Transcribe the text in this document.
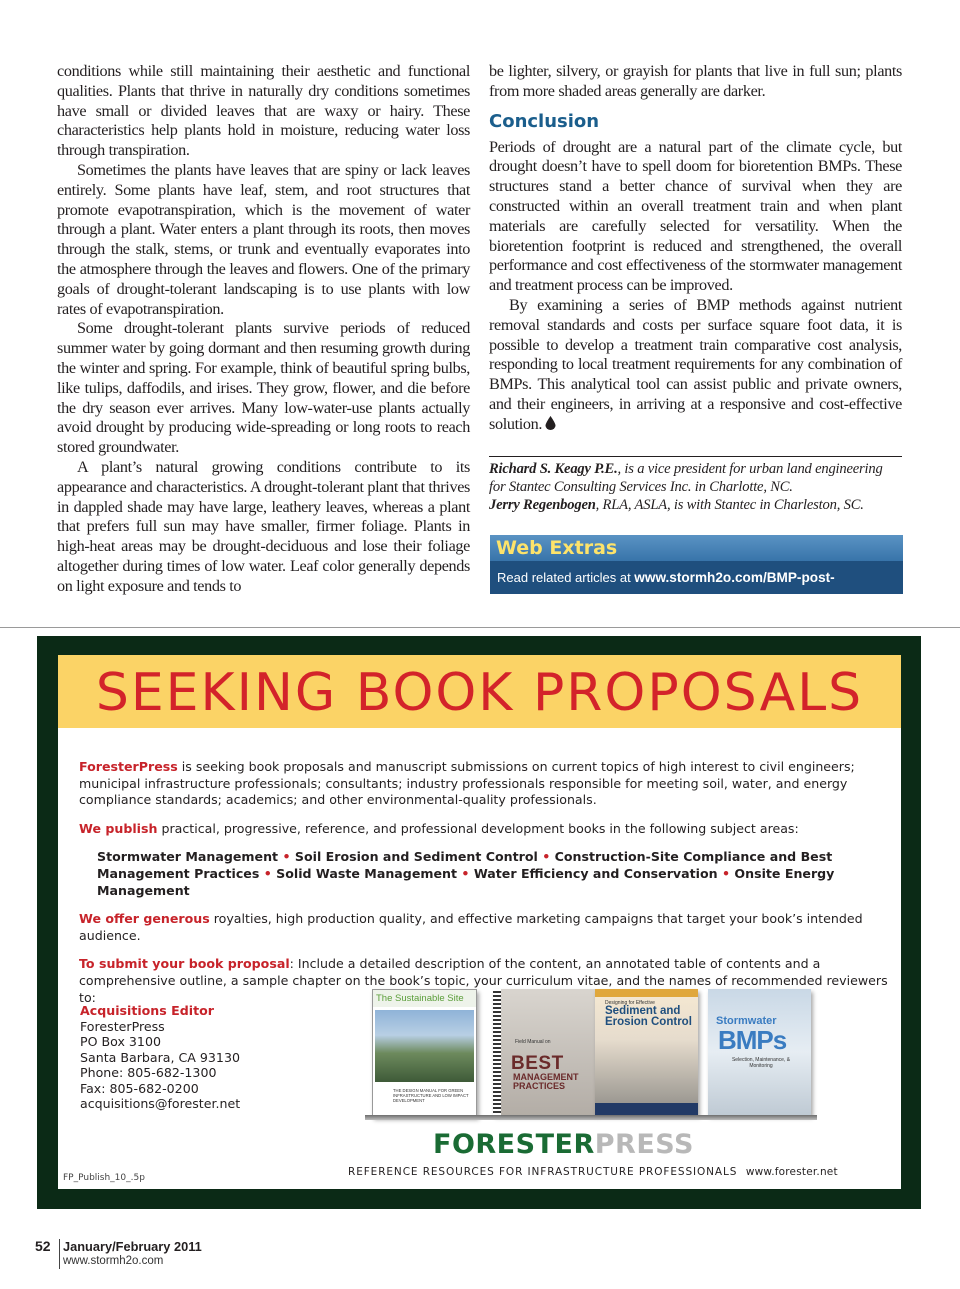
conditions while still maintaining their aesthetic and functional qualities. Plants that thrive in naturally dry conditions sometimes have small or divided leaves that are waxy or hairy. These characteristics help plants hold in moisture, reducing water loss through transpiration.

Sometimes the plants have leaves that are spiny or lack leaves entirely. Some plants have leaf, stem, and root structures that promote evapotranspiration, which is the movement of water through a plant. Water enters a plant through its roots, then moves through the stalk, stems, or trunk and eventually evaporates into the atmosphere through the leaves and flowers. One of the primary goals of drought-tolerant landscaping is to use plants with low rates of evapotranspiration.

Some drought-tolerant plants survive periods of reduced summer water by going dormant and then resuming growth during the winter and spring. For example, think of beautiful spring bulbs, like tulips, daffodils, and irises. They grow, flower, and die before the dry season ever arrives. Many low-water-use plants actually avoid drought by producing wide-spreading or long roots to reach stored groundwater.

A plant’s natural growing conditions contribute to its appearance and characteristics. A drought-tolerant plant that thrives in dappled shade may have large, leathery leaves, whereas a plant that prefers full sun may have smaller, firmer foliage. Plants in high-heat areas may be drought-deciduous and lose their foliage altogether during times of low water. Leaf color generally depends on light exposure and tends to

be lighter, silvery, or grayish for plants that live in full sun; plants from more shaded areas generally are darker.

Conclusion

Periods of drought are a natural part of the climate cycle, but drought doesn’t have to spell doom for bioretention BMPs. These structures stand a better chance of survival when they are constructed within an overall treatment train and when plant materials are carefully selected for versatility. When the bioretention footprint is reduced and strengthened, the overall performance and cost effectiveness of the stormwater management and treatment process can be improved.

By examining a series of BMP methods against nutrient removal standards and costs per surface square foot data, it is possible to develop a treatment train comparative cost analysis, responding to local treatment requirements for any combination of BMPs. This analytical tool can assist public and private owners, and their engineers, in arriving at a responsive and cost-effective solution.

Richard S. Keagy P.E., is a vice president for urban land engineering for Stantec Consulting Services Inc. in Charlotte, NC.

Jerry Regenbogen, RLA, ASLA, is with Stantec in Charleston, SC.

Web Extras
Read related articles at www.stormh2o.com/BMP-post-construction
SEEKING BOOK PROPOSALS

ForesterPress is seeking book proposals and manuscript submissions on current topics of high interest to civil engineers; municipal infrastructure professionals; consultants; industry professionals responsible for meeting soil, water, and energy compliance standards; academics; and other environmental-quality professionals.

We publish practical, progressive, reference, and professional development books in the following subject areas:

Stormwater Management • Soil Erosion and Sediment Control • Construction-Site Compliance and Best Management Practices • Solid Waste Management • Water Efficiency and Conservation • Onsite Energy Management

We offer generous royalties, high production quality, and effective marketing campaigns that target your book’s intended audience.

To submit your book proposal: Include a detailed description of the content, an annotated table of contents and a comprehensive outline, a sample chapter on the book’s topic, your curriculum vitae, and the names of recommended reviewers to:

Acquisitions Editor
ForesterPress
PO Box 3100
Santa Barbara, CA 93130
Phone: 805-682-1300
Fax: 805-682-0200
acquisitions@forester.net
The Sustainable Site
THE DESIGN MANUAL FOR GREEN INFRASTRUCTURE AND LOW IMPACT DEVELOPMENT
Field Manual on
BEST
MANAGEMENT PRACTICES
Designing for Effective
Sediment and Erosion Control	Stormwater
BMPs
Selection, Maintenance, & Monitoring
FORESTERPRESS
REFERENCE RESOURCES FOR INFRASTRUCTURE PROFESSIONALS www.forester.net
FP_Publish_10_.5p
52 January/February 2011
www.stormh2o.com
